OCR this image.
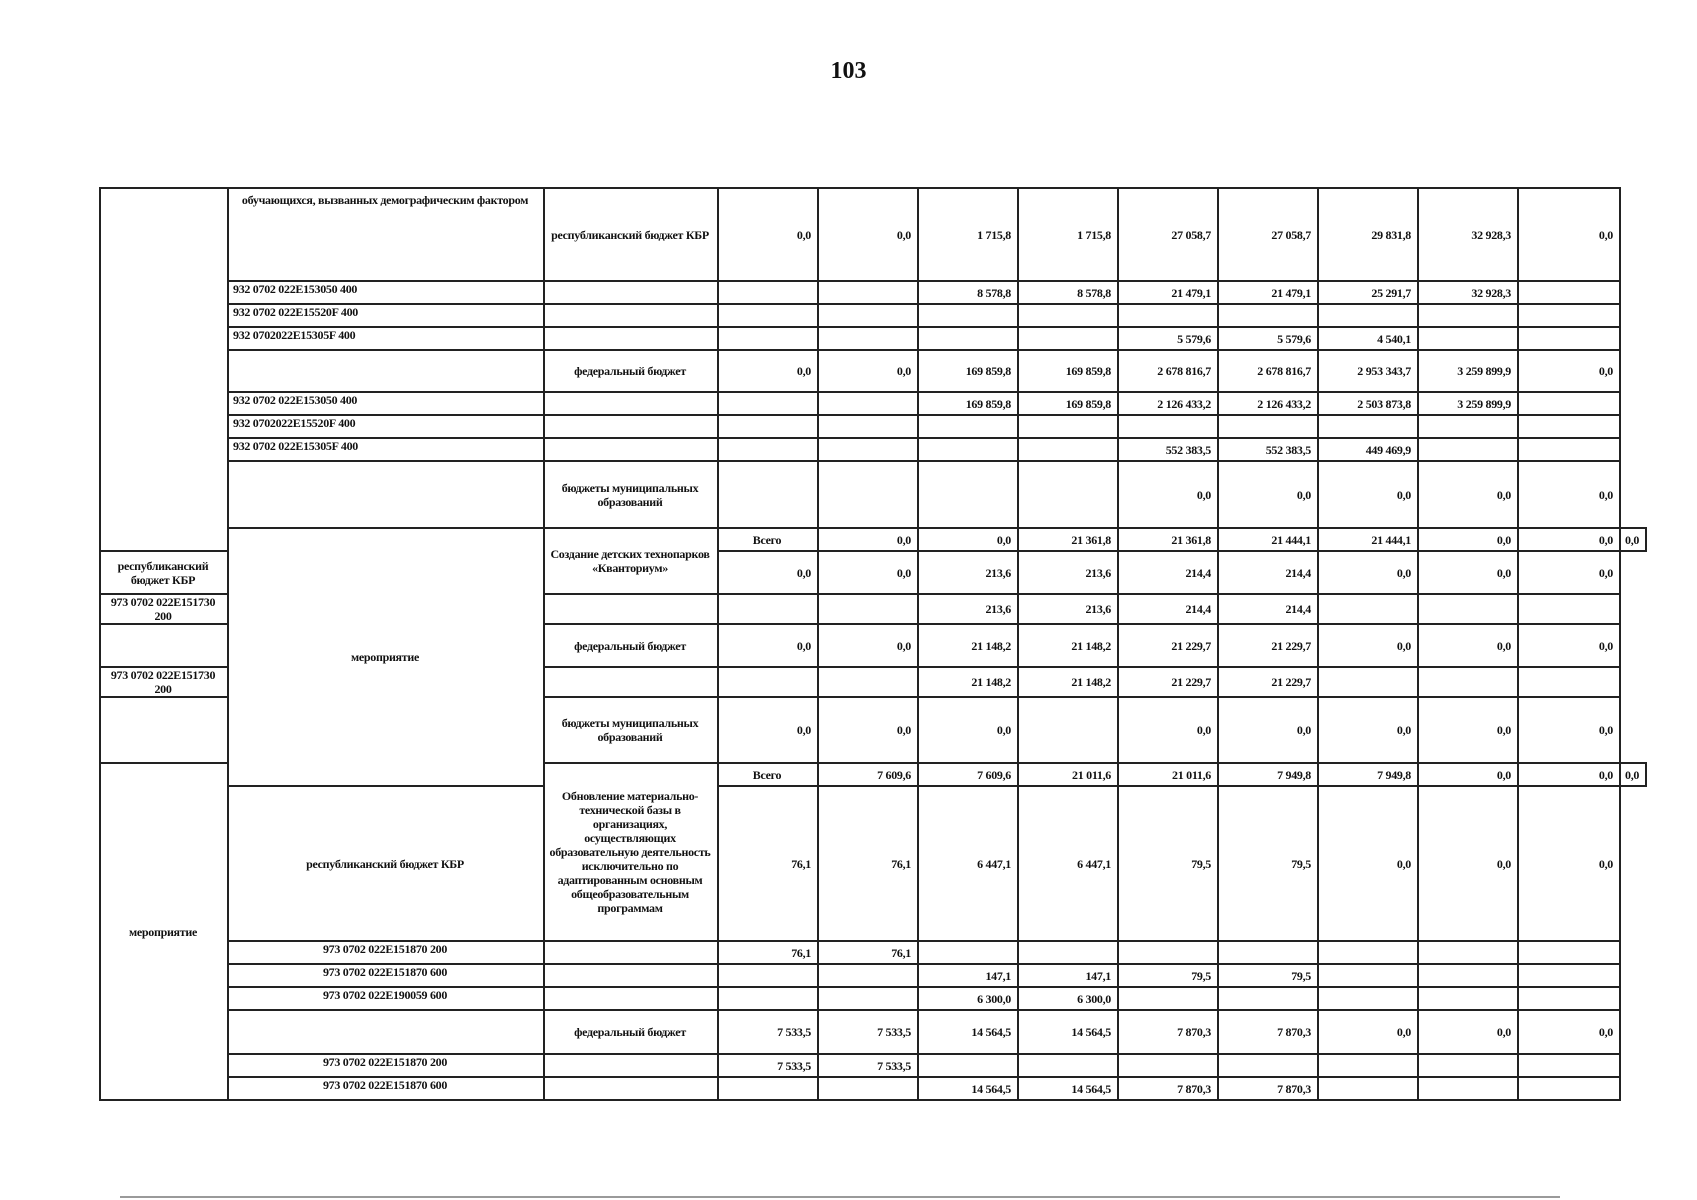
103
	обучающихся, вызванных демографическим фактором	республиканский бюджет КБР	0,0	0,0	1 715,8	1 715,8	27 058,7	27 058,7	29 831,8	32 928,3	0,0	
	932 0702 022E153050 400				8 578,8	8 578,8	21 479,1	21 479,1	25 291,7	32 928,3		
	932 0702 022E15520F 400											
	932 0702022E15305F 400						5 579,6	5 579,6	4 540,1			
		федеральный бюджет	0,0	0,0	169 859,8	169 859,8	2 678 816,7	2 678 816,7	2 953 343,7	3 259 899,9	0,0	
	932 0702 022E153050 400				169 859,8	169 859,8	2 126 433,2	2 126 433,2	2 503 873,8	3 259 899,9		
	932 0702022E15520F 400											
	932 0702 022E15305F 400						552 383,5	552 383,5	449 469,9			
		бюджеты муниципальных образований					0,0	0,0	0,0	0,0	0,0	
	мероприятие	Создание детских технопарков «Кванториум»	Всего	0,0	0,0	21 361,8	21 361,8	21 444,1	21 444,1	0,0	0,0	0,0
республиканский бюджет КБР			0,0	0,0	213,6	213,6	214,4	214,4	0,0	0,0	0,0	
973 0702 022E151730 200					213,6	213,6	214,4	214,4				
		федеральный бюджет	0,0	0,0	21 148,2	21 148,2	21 229,7	21 229,7	0,0	0,0	0,0	
973 0702 022E151730 200					21 148,2	21 148,2	21 229,7	21 229,7				
		бюджеты муниципальных образований	0,0	0,0	0,0		0,0	0,0	0,0	0,0	0,0	
мероприятие		Обновление материально-технической базы в организациях, осуществляющих образовательную деятельность исключительно по адаптированным основным общеобразовательным программам	Всего	7 609,6	7 609,6	21 011,6	21 011,6	7 949,8	7 949,8	0,0	0,0	0,0
	республиканский бюджет КБР		76,1	76,1	6 447,1	6 447,1	79,5	79,5	0,0	0,0	0,0	
	973 0702 022E151870 200		76,1	76,1								
	973 0702 022E151870 600				147,1	147,1	79,5	79,5				
	973 0702 022E190059 600				6 300,0	6 300,0						
		федеральный бюджет	7 533,5	7 533,5	14 564,5	14 564,5	7 870,3	7 870,3	0,0	0,0	0,0	
	973 0702 022E151870 200		7 533,5	7 533,5								
	973 0702 022E151870 600				14 564,5	14 564,5	7 870,3	7 870,3				
